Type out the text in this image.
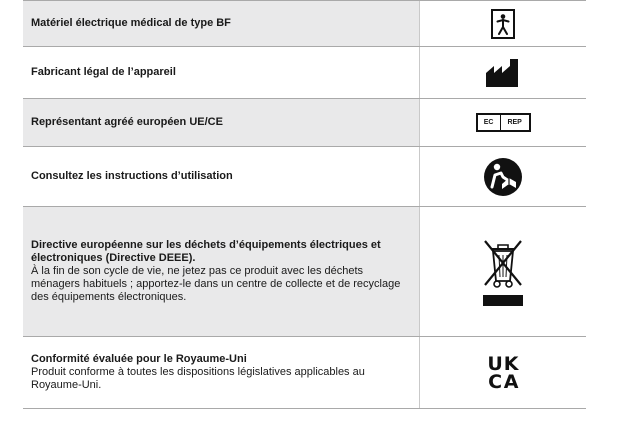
Matériel électrique médical de type BF
Fabricant légal de l’appareil
Représentant agréé européen UE/CE	EC	REP
Consultez les instructions d’utilisation
Directive européenne sur les déchets d’équipements électriques et électroniques (Directive DEEE).
À la fin de son cycle de vie, ne jetez pas ce produit avec les déchets ménagers habituels ; apportez-le dans un centre de collecte et de recyclage des équipements électroniques.
Conformité évaluée pour le Royaume-Uni
Produit conforme à toutes les dispositions législatives applicables au Royaume-Uni.
U K
C A
